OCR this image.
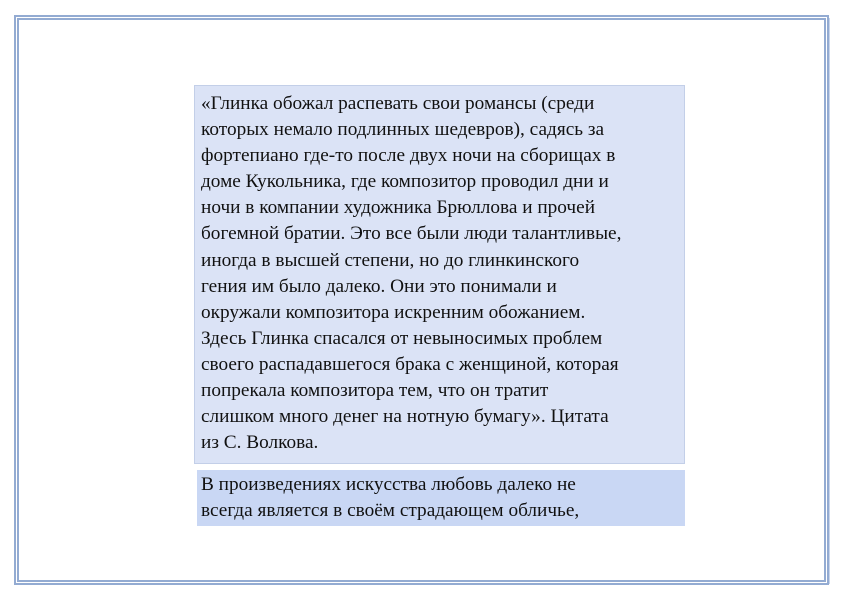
«Глинка обожал распевать свои романсы (среди
которых немало подлинных шедевров), садясь за
фортепиано где-то после двух ночи на сборищах в
доме Кукольника, где композитор проводил дни и
ночи в компании художника Брюллова и прочей
богемной братии. Это все были люди талантливые,
иногда в высшей степени, но до глинкинского
гения им было далеко. Они это понимали и
окружали композитора искренним обожанием.
Здесь Глинка спасался от невыносимых проблем
своего распадавшегося брака с женщиной, которая
попрекала композитора тем, что он тратит
слишком много денег на нотную бумагу». Цитата
из С. Волкова.
В произведениях искусства любовь далеко не
всегда является в своём страдающем обличье,
